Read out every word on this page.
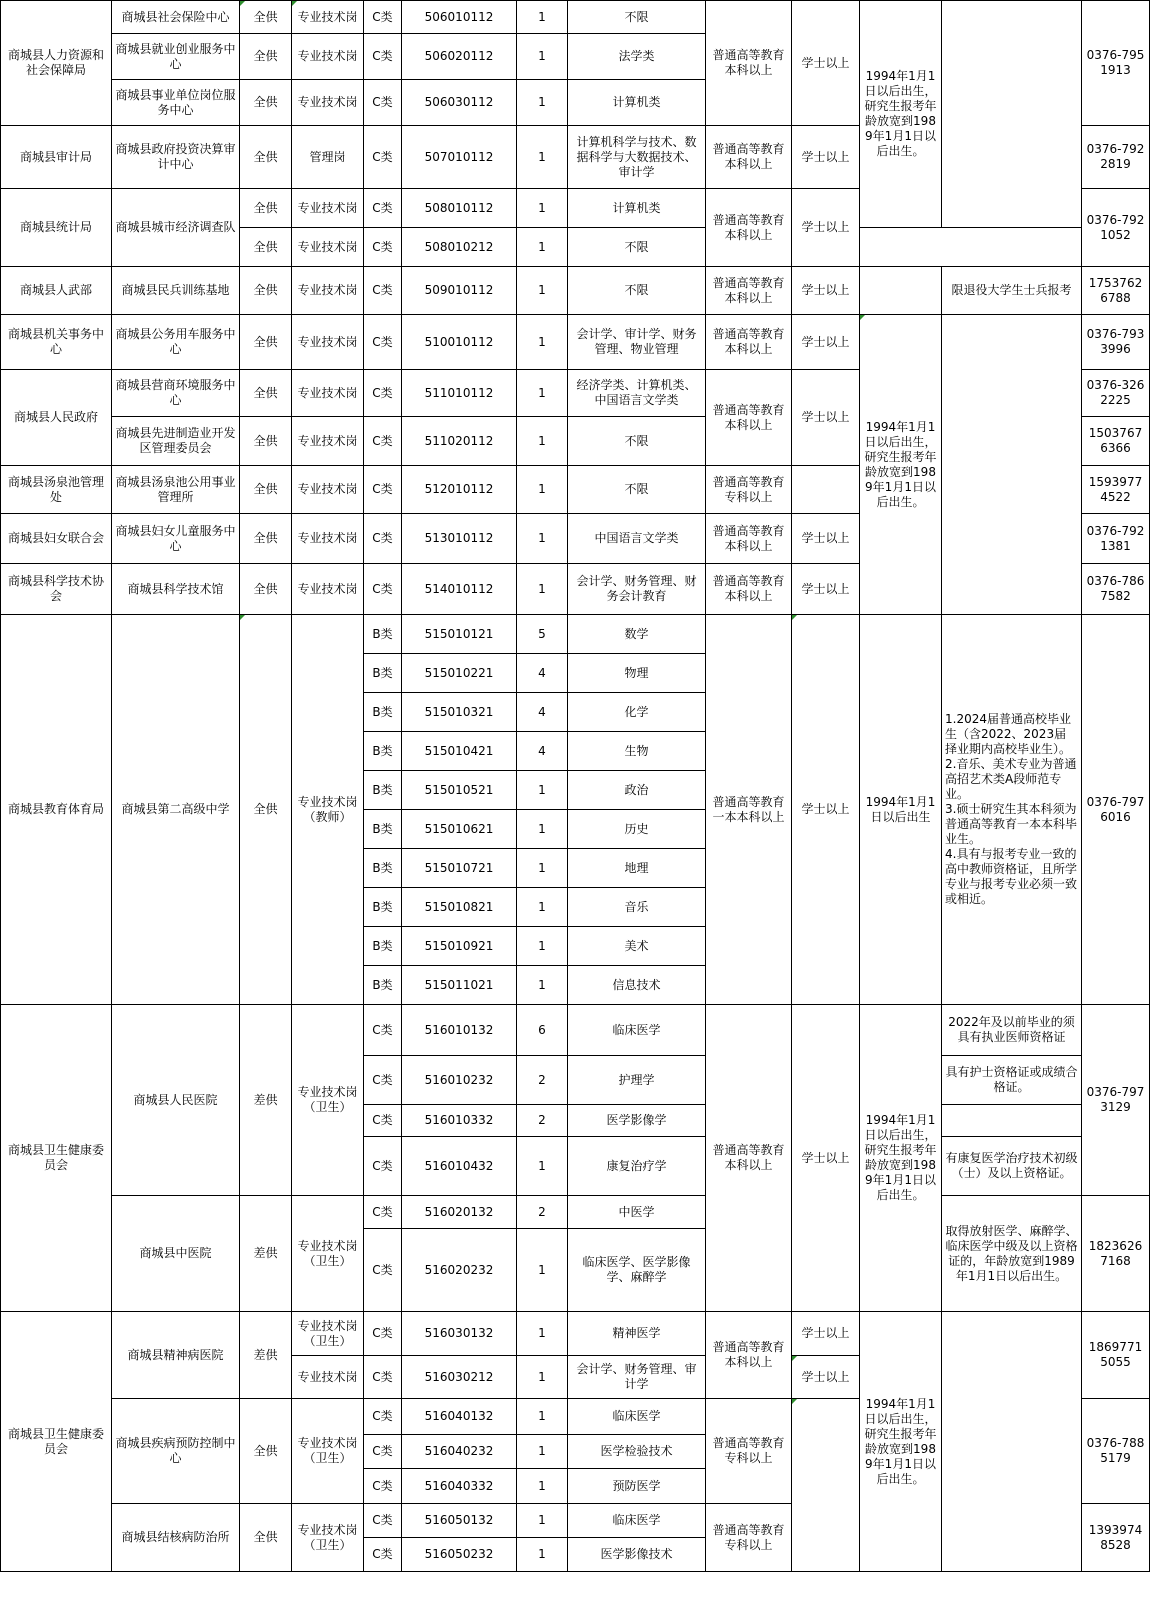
商城县人力资源和社会保障局	商城县社会保险中心	全供	专业技术岗	C类	506010112	1	不限	普通高等教育本科以上	学士以上	1994年1月1日以后出生，研究生报考年龄放宽到1989年1月1日以后出生。		0376-7951913
	商城县就业创业服务中心	全供	专业技术岗	C类	506020112	1	法学类					
	商城县事业单位岗位服务中心	全供	专业技术岗	C类	506030112	1	计算机类					
商城县审计局	商城县政府投资决算审计中心	全供	管理岗	C类	507010112	1	计算机科学与技术、数据科学与大数据技术、审计学	普通高等教育本科以上	学士以上			0376-7922819
商城县统计局	商城县城市经济调查队	全供	专业技术岗	C类	508010112	1	计算机类	普通高等教育本科以上	学士以上			0376-7921052
		全供	专业技术岗	C类	508010212	1	不限					
商城县人武部	商城县民兵训练基地	全供	专业技术岗	C类	509010112	1	不限	普通高等教育本科以上	学士以上		限退役大学生士兵报考	17537626788
商城县机关事务中心	商城县公务用车服务中心	全供	专业技术岗	C类	510010112	1	会计学、审计学、财务管理、物业管理	普通高等教育本科以上	学士以上	1994年1月1日以后出生，研究生报考年龄放宽到1989年1月1日以后出生。		0376-7933996
商城县人民政府	商城县营商环境服务中心	全供	专业技术岗	C类	511010112	1	经济学类、计算机类、中国语言文学类	普通高等教育本科以上	学士以上			0376-3262225
	商城县先进制造业开发区管理委员会	全供	专业技术岗	C类	511020112	1	不限					15037676366
商城县汤泉池管理处	商城县汤泉池公用事业管理所	全供	专业技术岗	C类	512010112	1	不限	普通高等教育专科以上				15939774522
商城县妇女联合会	商城县妇女儿童服务中心	全供	专业技术岗	C类	513010112	1	中国语言文学类	普通高等教育本科以上	学士以上			0376-7921381
商城县科学技术协会	商城县科学技术馆	全供	专业技术岗	C类	514010112	1	会计学、财务管理、财务会计教育	普通高等教育本科以上	学士以上			0376-7867582
商城县教育体育局	商城县第二高级中学	全供	专业技术岗（教师）	B类	515010121	5	数学	普通高等教育一本本科以上	学士以上	1994年1月1日以后出生	1.2024届普通高校毕业生（含2022、2023届择业期内高校毕业生）。
2.音乐、美术专业为普通高招艺术类A段师范专业。
3.硕士研究生其本科须为普通高等教育一本本科毕业生。
4.具有与报考专业一致的高中教师资格证，且所学专业与报考专业必须一致或相近。	0376-7976016
				B类	515010221	4	物理					
				B类	515010321	4	化学					
				B类	515010421	4	生物					
				B类	515010521	1	政治					
				B类	515010621	1	历史					
				B类	515010721	1	地理					
				B类	515010821	1	音乐					
				B类	515010921	1	美术					
				B类	515011021	1	信息技术					
商城县卫生健康委员会	商城县人民医院	差供	专业技术岗（卫生）	C类	516010132	6	临床医学	普通高等教育本科以上	学士以上	1994年1月1日以后出生，研究生报考年龄放宽到1989年1月1日以后出生。	2022年及以前毕业的须具有执业医师资格证	0376-7973129
				C类	516010232	2	护理学				具有护士资格证或成绩合格证。	
				C类	516010332	2	医学影像学					
				C类	516010432	1	康复治疗学				有康复医学治疗技术初级（士）及以上资格证。	
	商城县中医院	差供	专业技术岗（卫生）	C类	516020132	2	中医学				取得放射医学、麻醉学、临床医学中级及以上资格证的，年龄放宽到1989年1月1日以后出生。	18236267168
				C类	516020232	1	临床医学、医学影像学、麻醉学					
商城县卫生健康委员会	商城县精神病医院	差供	专业技术岗（卫生）	C类	516030132	1	精神医学	普通高等教育本科以上	学士以上	1994年1月1日以后出生，研究生报考年龄放宽到1989年1月1日以后出生。		18697715055
			专业技术岗	C类	516030212	1	会计学、财务管理、审计学		学士以上			
	商城县疾病预防控制中心	全供	专业技术岗（卫生）	C类	516040132	1	临床医学	普通高等教育专科以上				0376-7885179
				C类	516040232	1	医学检验技术					
				C类	516040332	1	预防医学					
	商城县结核病防治所	全供	专业技术岗（卫生）	C类	516050132	1	临床医学	普通高等教育专科以上				13939748528
				C类	516050232	1	医学影像技术					
